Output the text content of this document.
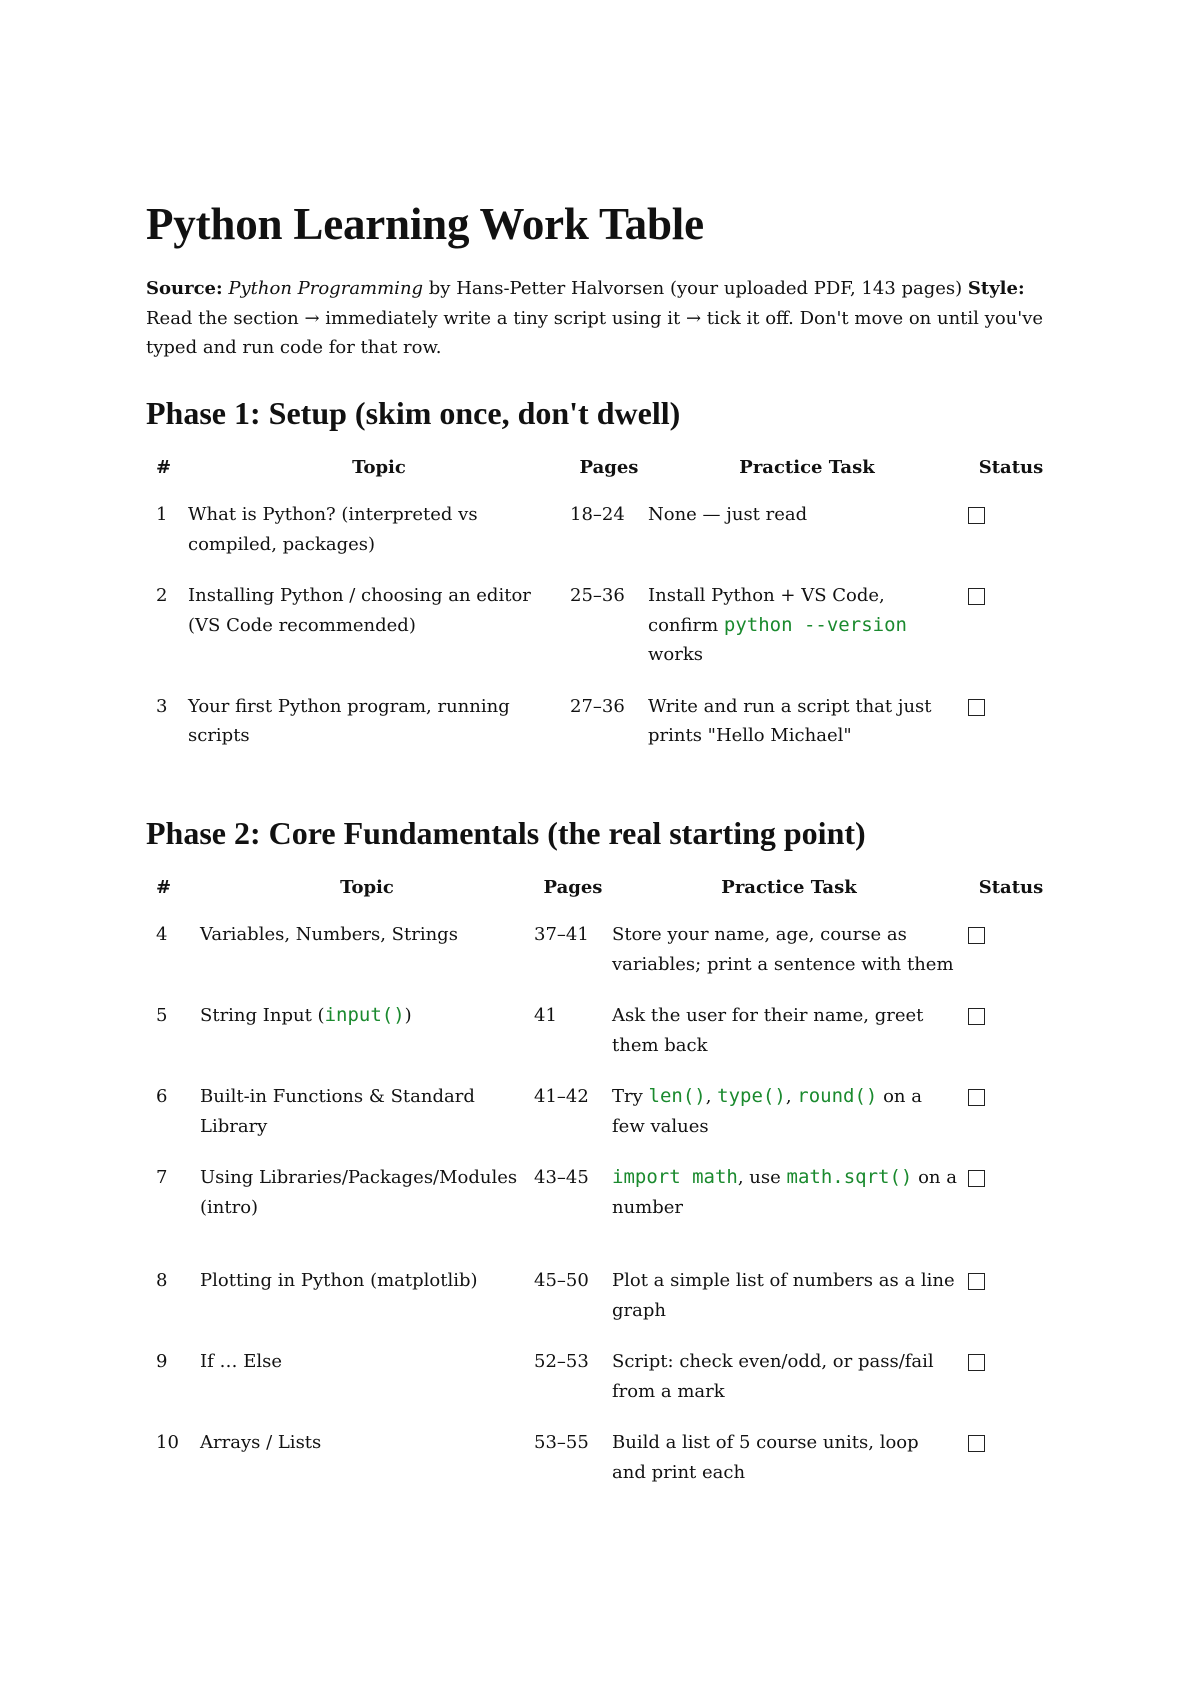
Python Learning Work Table

Source: Python Programming by Hans-Petter Halvorsen (your uploaded PDF, 143 pages) Style: Read the section → immediately write a tiny script using it → tick it off. Don't move on until you've typed and run code for that row.

Phase 1: Setup (skim once, don't dwell)
#	Topic	Pages	Practice Task	Status
1	What is Python? (interpreted vs compiled, packages)	18–24	None — just read	
2	Installing Python / choosing an editor (VS Code recommended)	25–36	Install Python + VS Code, confirm python --version works	
3	Your first Python program, running scripts	27–36	Write and run a script that just prints "Hello Michael"	
Phase 2: Core Fundamentals (the real starting point)
#	Topic	Pages	Practice Task	Status
4	Variables, Numbers, Strings	37–41	Store your name, age, course as variables; print a sentence with them	
5	String Input (input())	41	Ask the user for their name, greet them back	
6	Built-in Functions & Standard Library	41–42	Try len(), type(), round() on a few values	
7	Using Libraries/Packages/Modules (intro)	43–45	import math, use math.sqrt() on a number	
8	Plotting in Python (matplotlib)	45–50	Plot a simple list of numbers as a line graph	
9	If … Else	52–53	Script: check even/odd, or pass/fail from a mark	
10	Arrays / Lists	53–55	Build a list of 5 course units, loop and print each	
